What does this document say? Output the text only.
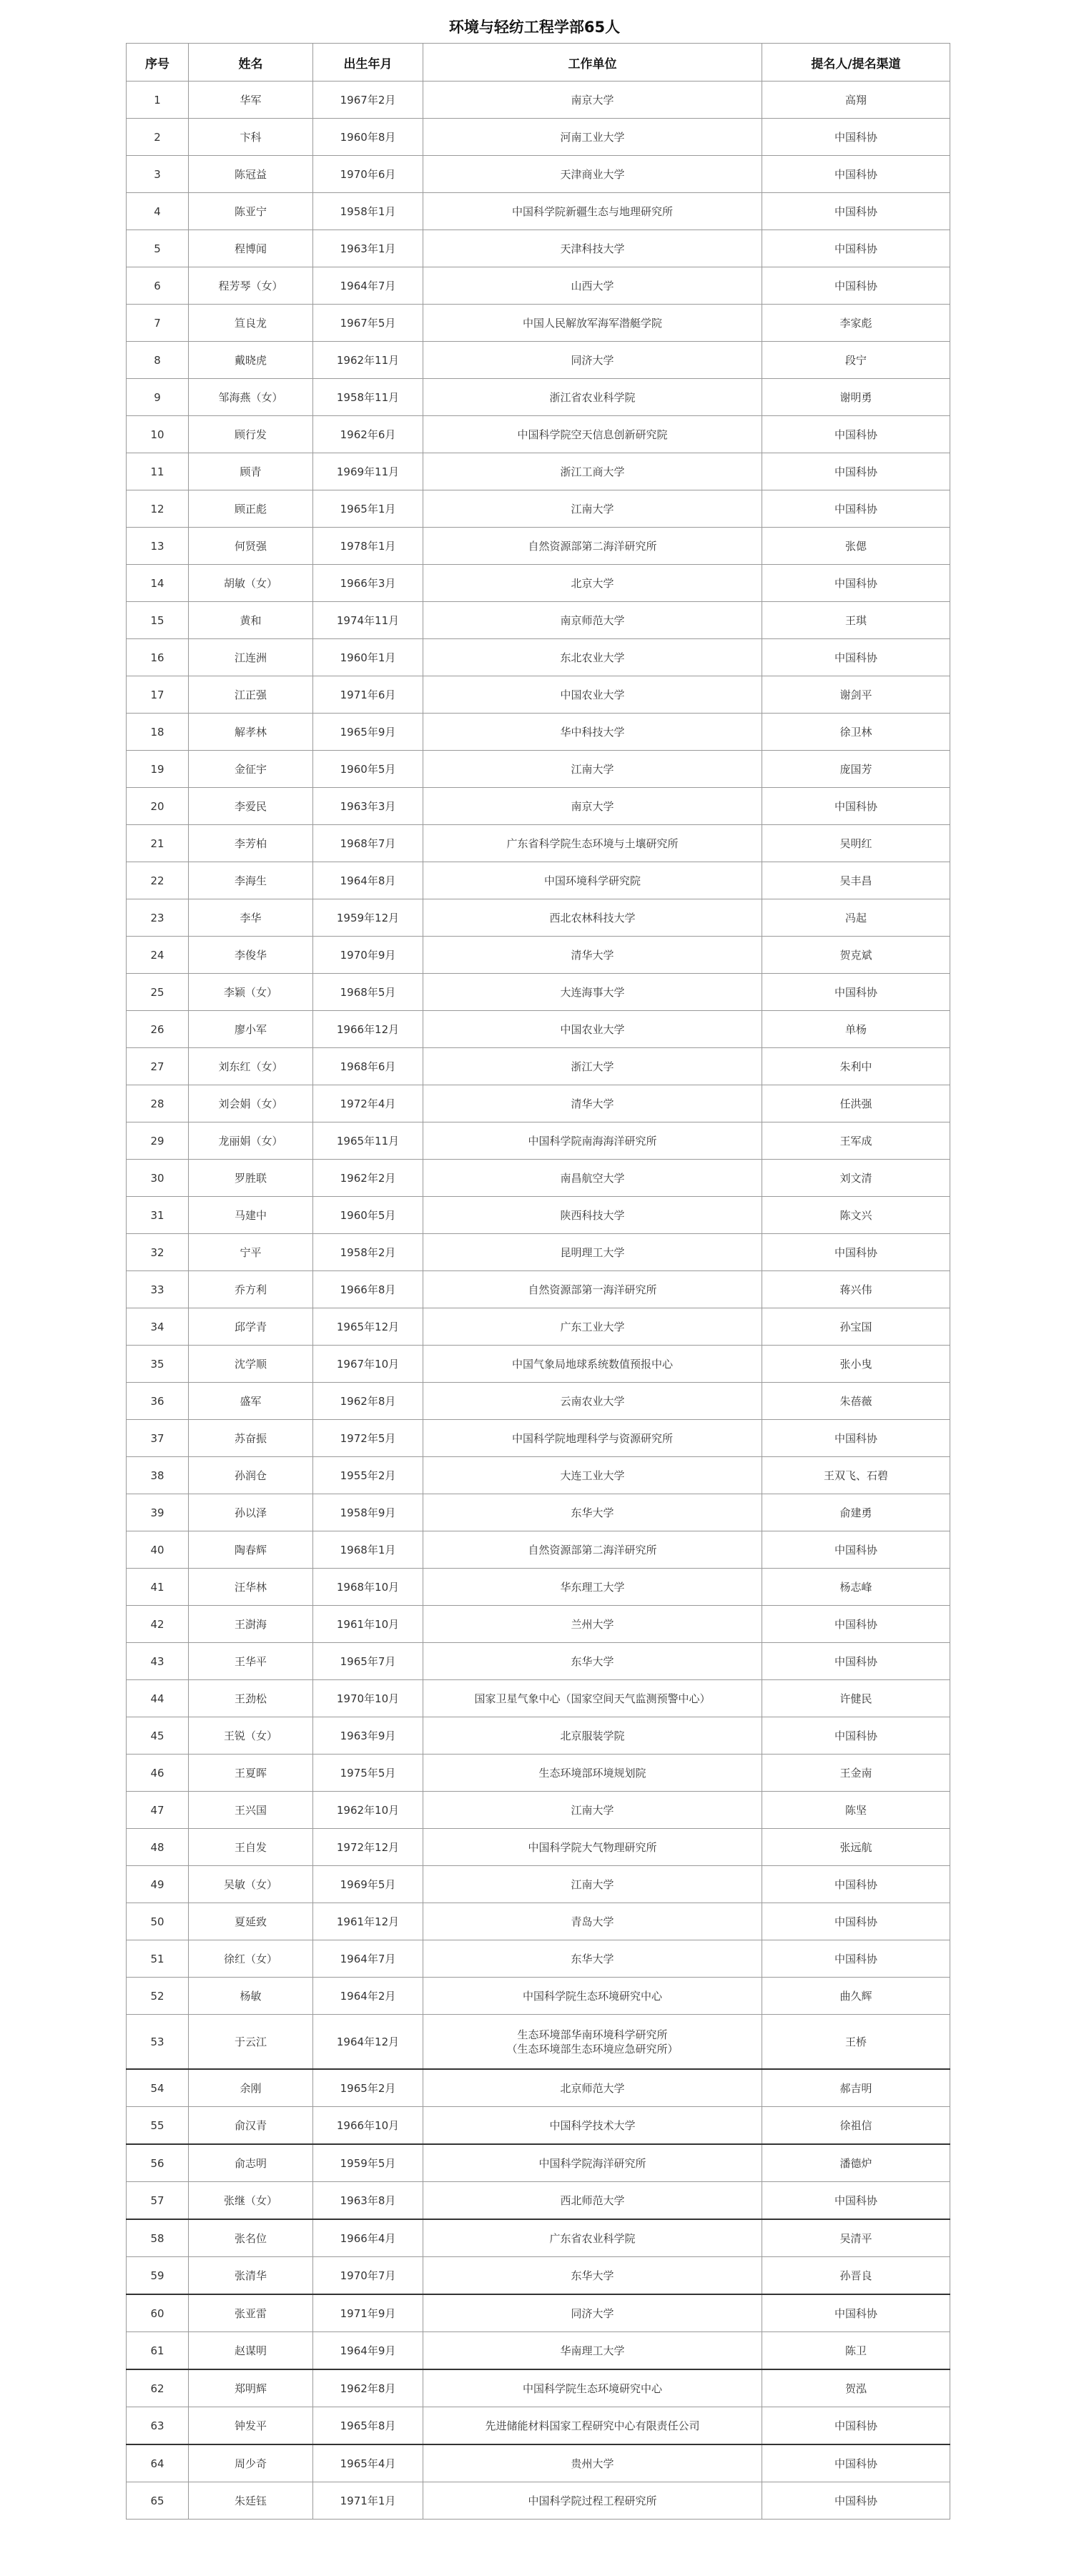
环境与轻纺工程学部65人
序号	姓名	出生年月	工作单位	提名人/提名渠道
1	华军	1967年2月	南京大学	高翔
2	卞科	1960年8月	河南工业大学	中国科协
3	陈冠益	1970年6月	天津商业大学	中国科协
4	陈亚宁	1958年1月	中国科学院新疆生态与地理研究所	中国科协
5	程博闻	1963年1月	天津科技大学	中国科协
6	程芳琴（女）	1964年7月	山西大学	中国科协
7	笪良龙	1967年5月	中国人民解放军海军潜艇学院	李家彪
8	戴晓虎	1962年11月	同济大学	段宁
9	邹海燕（女）	1958年11月	浙江省农业科学院	谢明勇
10	顾行发	1962年6月	中国科学院空天信息创新研究院	中国科协
11	顾青	1969年11月	浙江工商大学	中国科协
12	顾正彪	1965年1月	江南大学	中国科协
13	何贤强	1978年1月	自然资源部第二海洋研究所	张偲
14	胡敏（女）	1966年3月	北京大学	中国科协
15	黄和	1974年11月	南京师范大学	王琪
16	江连洲	1960年1月	东北农业大学	中国科协
17	江正强	1971年6月	中国农业大学	谢剑平
18	解孝林	1965年9月	华中科技大学	徐卫林
19	金征宇	1960年5月	江南大学	庞国芳
20	李爱民	1963年3月	南京大学	中国科协
21	李芳柏	1968年7月	广东省科学院生态环境与土壤研究所	吴明红
22	李海生	1964年8月	中国环境科学研究院	吴丰昌
23	李华	1959年12月	西北农林科技大学	冯起
24	李俊华	1970年9月	清华大学	贺克斌
25	李颖（女）	1968年5月	大连海事大学	中国科协
26	廖小军	1966年12月	中国农业大学	单杨
27	刘东红（女）	1968年6月	浙江大学	朱利中
28	刘会娟（女）	1972年4月	清华大学	任洪强
29	龙丽娟（女）	1965年11月	中国科学院南海海洋研究所	王军成
30	罗胜联	1962年2月	南昌航空大学	刘文清
31	马建中	1960年5月	陕西科技大学	陈文兴
32	宁平	1958年2月	昆明理工大学	中国科协
33	乔方利	1966年8月	自然资源部第一海洋研究所	蒋兴伟
34	邱学青	1965年12月	广东工业大学	孙宝国
35	沈学顺	1967年10月	中国气象局地球系统数值预报中心	张小曳
36	盛军	1962年8月	云南农业大学	朱蓓薇
37	苏奋振	1972年5月	中国科学院地理科学与资源研究所	中国科协
38	孙润仓	1955年2月	大连工业大学	王双飞、石碧
39	孙以泽	1958年9月	东华大学	俞建勇
40	陶春辉	1968年1月	自然资源部第二海洋研究所	中国科协
41	汪华林	1968年10月	华东理工大学	杨志峰
42	王澍海	1961年10月	兰州大学	中国科协
43	王华平	1965年7月	东华大学	中国科协
44	王劲松	1970年10月	国家卫星气象中心（国家空间天气监测预警中心）	许健民
45	王锐（女）	1963年9月	北京服装学院	中国科协
46	王夏晖	1975年5月	生态环境部环境规划院	王金南
47	王兴国	1962年10月	江南大学	陈坚
48	王自发	1972年12月	中国科学院大气物理研究所	张远航
49	吴敏（女）	1969年5月	江南大学	中国科协
50	夏延致	1961年12月	青岛大学	中国科协
51	徐红（女）	1964年7月	东华大学	中国科协
52	杨敏	1964年2月	中国科学院生态环境研究中心	曲久辉
53	于云江	1964年12月	生态环境部华南环境科学研究所
（生态环境部生态环境应急研究所）	王桥
54	余刚	1965年2月	北京师范大学	郝吉明
55	俞汉青	1966年10月	中国科学技术大学	徐祖信
56	俞志明	1959年5月	中国科学院海洋研究所	潘德炉
57	张继（女）	1963年8月	西北师范大学	中国科协
58	张名位	1966年4月	广东省农业科学院	吴清平
59	张清华	1970年7月	东华大学	孙晋良
60	张亚雷	1971年9月	同济大学	中国科协
61	赵谋明	1964年9月	华南理工大学	陈卫
62	郑明辉	1962年8月	中国科学院生态环境研究中心	贺泓
63	钟发平	1965年8月	先进储能材料国家工程研究中心有限责任公司	中国科协
64	周少奇	1965年4月	贵州大学	中国科协
65	朱廷钰	1971年1月	中国科学院过程工程研究所	中国科协
